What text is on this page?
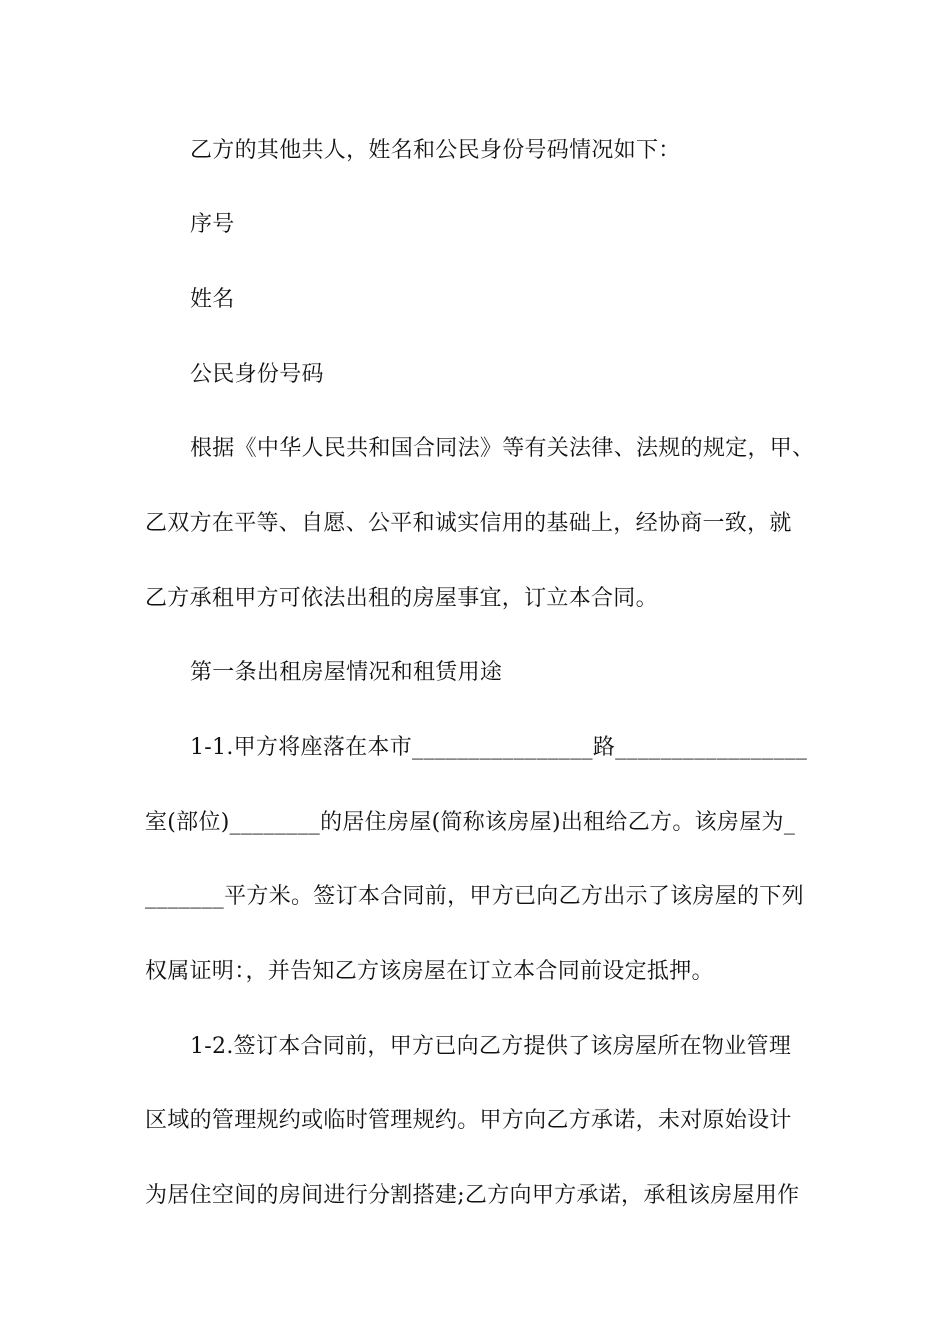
乙方的其他共人，姓名和公民身份号码情况如下：
序号
姓名
公民身份号码
根据《中华人民共和国合同法》等有关法律、法规的规定，甲、
乙双方在平等、自愿、公平和诚实信用的基础上，经协商一致，就
乙方承租甲方可依法出租的房屋事宜，订立本合同。
第一条出租房屋情况和租赁用途
1-1.甲方将座落在本市________________路_________________
室(部位)________的居住房屋(简称该房屋)出租给乙方。该房屋为_
_______平方米。签订本合同前，甲方已向乙方出示了该房屋的下列
权属证明：，并告知乙方该房屋在订立本合同前设定抵押。
1-2.签订本合同前，甲方已向乙方提供了该房屋所在物业管理
区域的管理规约或临时管理规约。甲方向乙方承诺，未对原始设计
为居住空间的房间进行分割搭建;乙方向甲方承诺，承租该房屋用作
